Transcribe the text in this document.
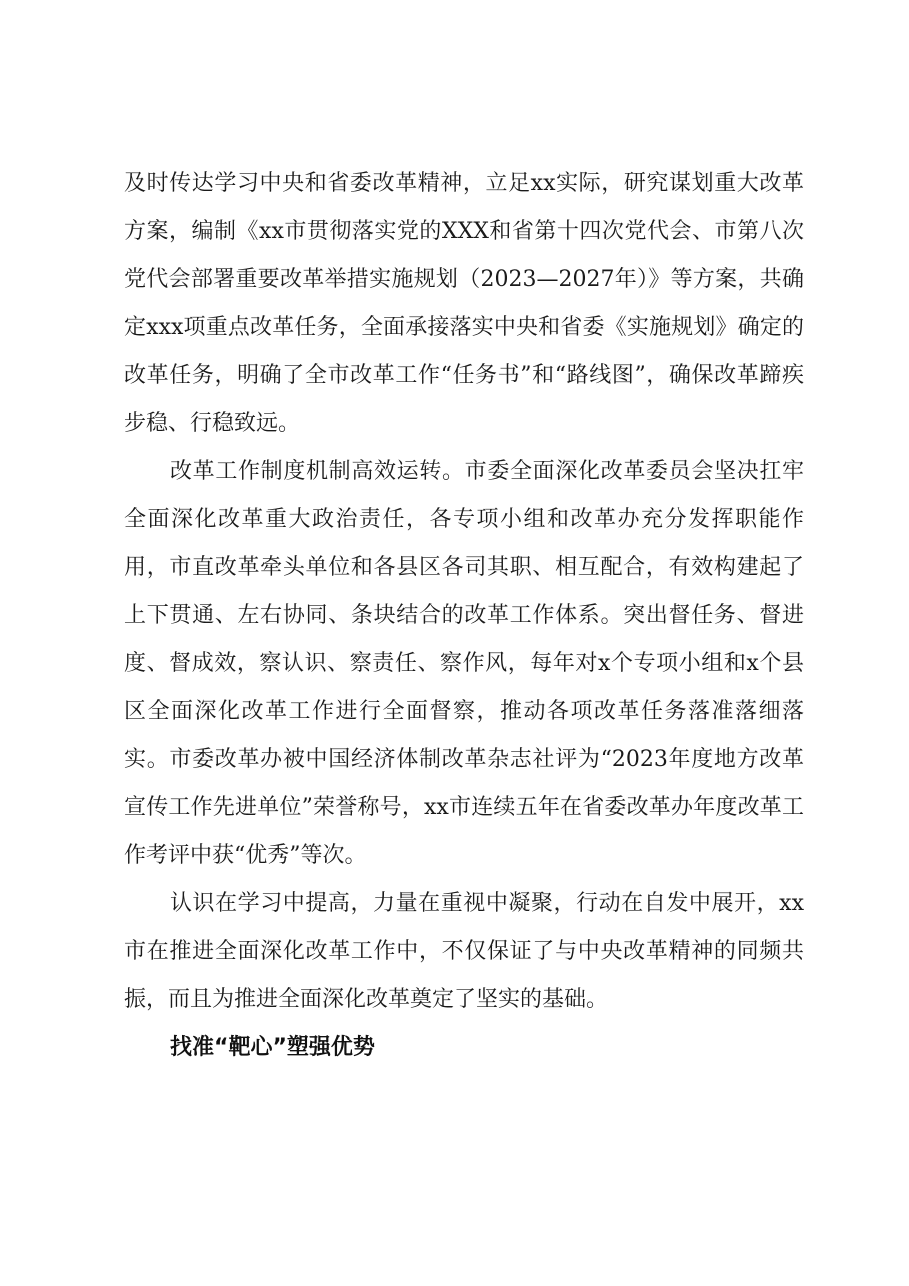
及时传达学习中央和省委改革精神，立足xx实际，研究谋划重大改革方案，编制《xx市贯彻落实党的XXX和省第十四次党代会、市第八次党代会部署重要改革举措实施规划（2023—2027年）》等方案，共确定xxx项重点改革任务，全面承接落实中央和省委《实施规划》确定的改革任务，明确了全市改革工作“任务书”和“路线图”，确保改革蹄疾步稳、行稳致远。

改革工作制度机制高效运转。市委全面深化改革委员会坚决扛牢全面深化改革重大政治责任，各专项小组和改革办充分发挥职能作用，市直改革牵头单位和各县区各司其职、相互配合，有效构建起了上下贯通、左右协同、条块结合的改革工作体系。突出督任务、督进度、督成效，察认识、察责任、察作风，每年对x个专项小组和x个县区全面深化改革工作进行全面督察，推动各项改革任务落准落细落实。市委改革办被中国经济体制改革杂志社评为“2023年度地方改革宣传工作先进单位”荣誉称号，xx市连续五年在省委改革办年度改革工作考评中获“优秀”等次。

认识在学习中提高，力量在重视中凝聚，行动在自发中展开，xx市在推进全面深化改革工作中，不仅保证了与中央改革精神的同频共振，而且为推进全面深化改革奠定了坚实的基础。

找准“靶心”塑强优势
